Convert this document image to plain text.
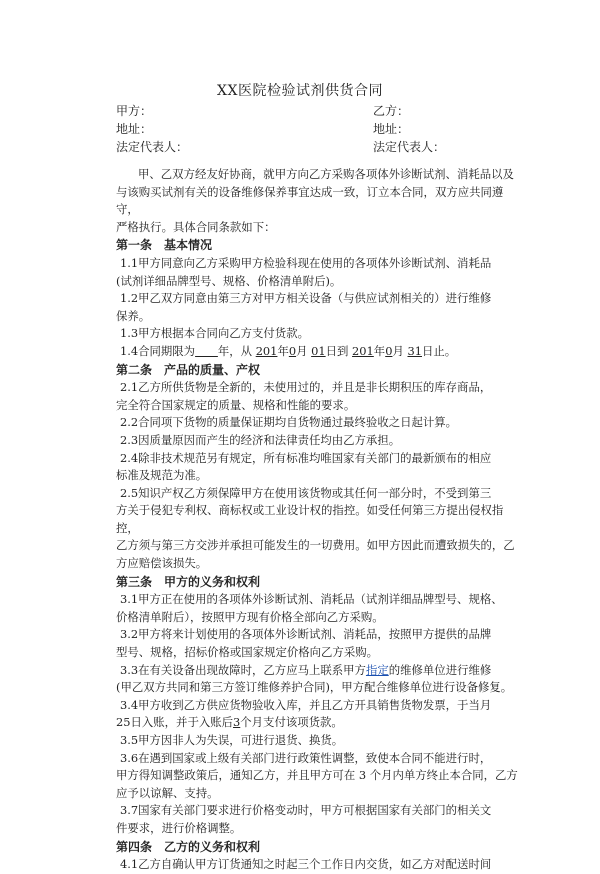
XX医院检验试剂供货合同
甲方：
地址：
法定代表人：
乙方：
地址：
法定代表人：
甲、乙双方经友好协商，就甲方向乙方采购各项体外诊断试剂、消耗品以及
与该购买试剂有关的设备维修保养事宜达成一致，订立本合同，双方应共同遵守，
严格执行。具体合同条款如下：
第一条　基本情况
1.1甲方同意向乙方采购甲方检验科现在使用的各项体外诊断试剂、消耗品
(试剂详细品牌型号、规格、价格清单附后)。
1.2甲乙双方同意由第三方对甲方相关设备（与供应试剂相关的）进行维修
保养。
1.3甲方根据本合同向乙方支付货款。
1.4合同期限为　　 年，从 201年0月 01日到 201年0月 31日止。
第二条　产品的质量、产权
2.1乙方所供货物是全新的，未使用过的，并且是非长期积压的库存商品，
完全符合国家规定的质量、规格和性能的要求。
2.2合同项下货物的质量保证期均自货物通过最终验收之日起计算。
2.3因质量原因而产生的经济和法律责任均由乙方承担。
2.4除非技术规范另有规定，所有标准均唯国家有关部门的最新颁布的相应
标准及规范为准。
2.5知识产权乙方须保障甲方在使用该货物或其任何一部分时，不受到第三
方关于侵犯专利权、商标权或工业设计权的指控。如受任何第三方提出侵权指控，
乙方须与第三方交涉并承担可能发生的一切费用。如甲方因此而遭致损失的，乙
方应赔偿该损失。
第三条　甲方的义务和权利
3.1甲方正在使用的各项体外诊断试剂、消耗品（试剂详细品牌型号、规格、
价格清单附后），按照甲方现有价格全部向乙方采购。
3.2甲方将来计划使用的各项体外诊断试剂、消耗品，按照甲方提供的品牌
型号、规格，招标价格或国家规定价格向乙方采购。
3.3在有关设备出现故障时，乙方应马上联系甲方指定的维修单位进行维修
(甲乙双方共同和第三方签订维修养护合同)，甲方配合维修单位进行设备修复。
3.4甲方收到乙方供应货物验收入库，并且乙方开具销售货物发票，于当月
25日入账，并于入账后3个月支付该项货款。
3.5甲方因非人为失误，可进行退货、换货。
3.6在遇到国家或上级有关部门进行政策性调整，致使本合同不能进行时，
甲方得知调整政策后，通知乙方，并且甲方可在 3 个月内单方终止本合同，乙方
应予以谅解、支持。
3.7国家有关部门要求进行价格变动时，甲方可根据国家有关部门的相关文
件要求，进行价格调整。
第四条　乙方的义务和权利
4.1乙方自确认甲方订货通知之时起三个工作日内交货，如乙方对配送时间
